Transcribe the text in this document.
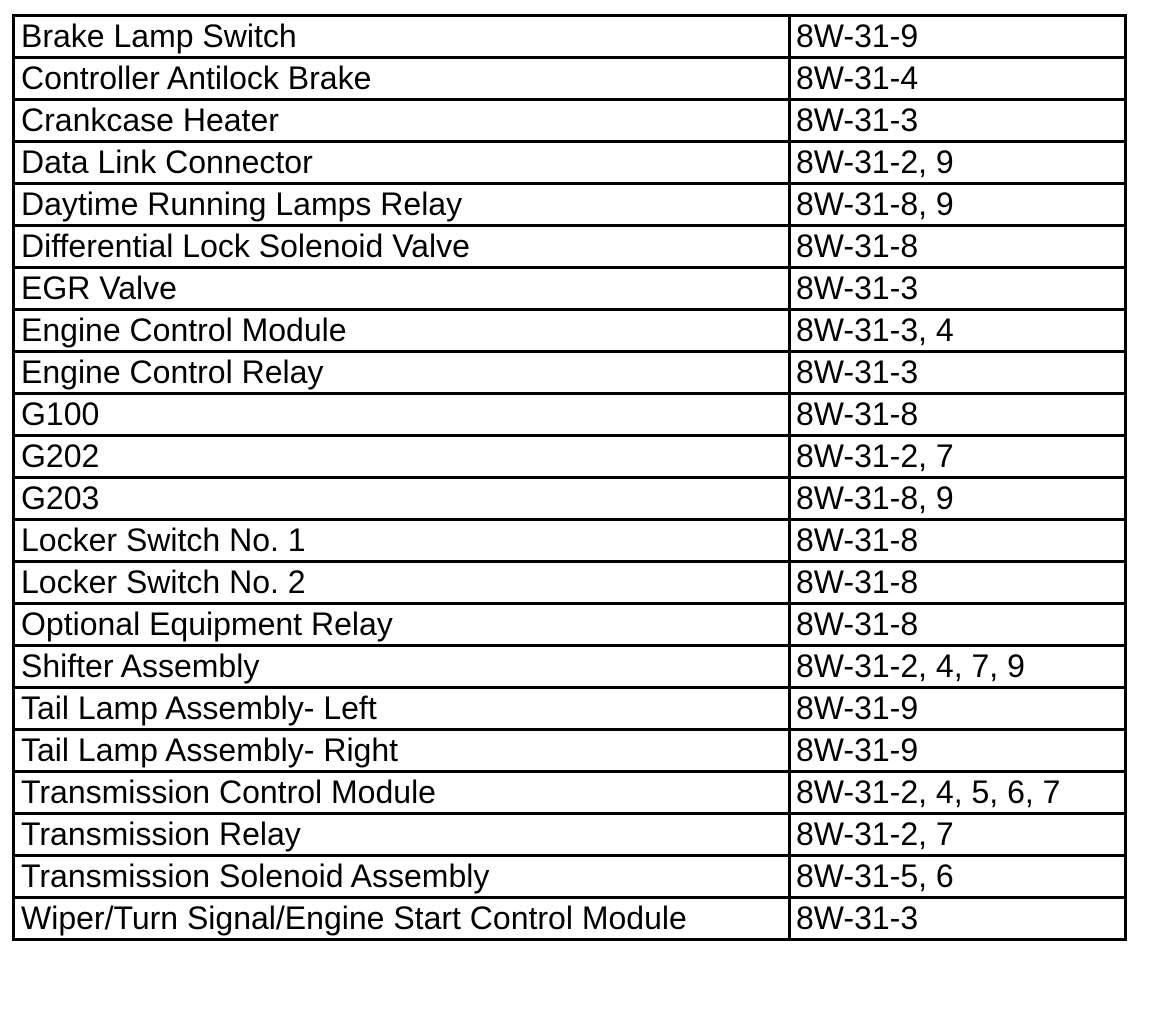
Brake Lamp Switch	8W-31-9
Controller Antilock Brake	8W-31-4
Crankcase Heater	8W-31-3
Data Link Connector	8W-31-2, 9
Daytime Running Lamps Relay	8W-31-8, 9
Differential Lock Solenoid Valve	8W-31-8
EGR Valve	8W-31-3
Engine Control Module	8W-31-3, 4
Engine Control Relay	8W-31-3
G100	8W-31-8
G202	8W-31-2, 7
G203	8W-31-8, 9
Locker Switch No. 1	8W-31-8
Locker Switch No. 2	8W-31-8
Optional Equipment Relay	8W-31-8
Shifter Assembly	8W-31-2, 4, 7, 9
Tail Lamp Assembly- Left	8W-31-9
Tail Lamp Assembly- Right	8W-31-9
Transmission Control Module	8W-31-2, 4, 5, 6, 7
Transmission Relay	8W-31-2, 7
Transmission Solenoid Assembly	8W-31-5, 6
Wiper/Turn Signal/Engine Start Control Module	8W-31-3
